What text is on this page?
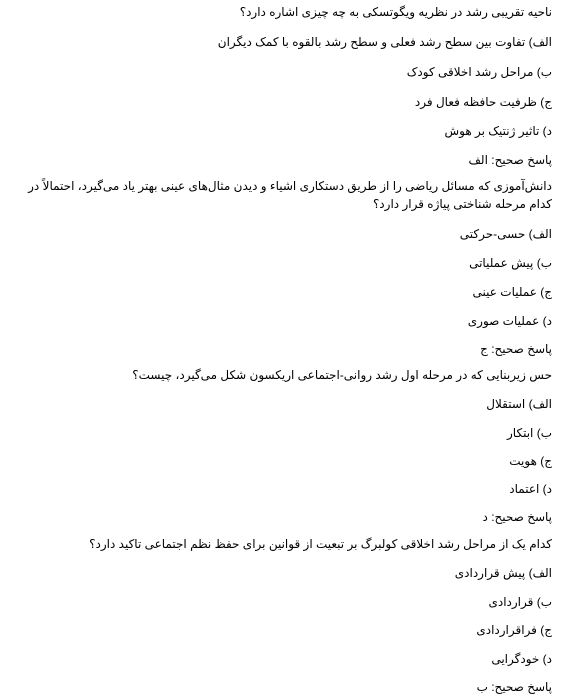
ناحیه تقریبی رشد در نظریه ویگوتسکی به چه چیزی اشاره دارد؟
الف) تفاوت بین سطح رشد فعلی و سطح رشد بالقوه با کمک دیگران
ب) مراحل رشد اخلاقی کودک
ج) ظرفیت حافظه فعال فرد
د) تاثیر ژنتیک بر هوش
پاسخ صحیح: الف
دانش‌آموزی که مسائل ریاضی را از طریق دستکاری اشیاء و دیدن مثال‌های عینی بهتر یاد می‌گیرد، احتمالاً در کدام مرحله شناختی پیاژه قرار دارد؟
الف) حسی-حرکتی
ب) پیش عملیاتی
ج) عملیات عینی
د) عملیات صوری
پاسخ صحیح: ج
حس زیربنایی که در مرحله اول رشد روانی-اجتماعی اریکسون شکل می‌گیرد، چیست؟
الف) استقلال
ب) ابتکار
ج) هویت
د) اعتماد
پاسخ صحیح: د
کدام یک از مراحل رشد اخلاقی کولبرگ بر تبعیت از قوانین برای حفظ نظم اجتماعی تاکید دارد؟
الف) پیش قراردادی
ب) قراردادی
ج) فراقراردادی
د) خودگرایی
پاسخ صحیح: ب
